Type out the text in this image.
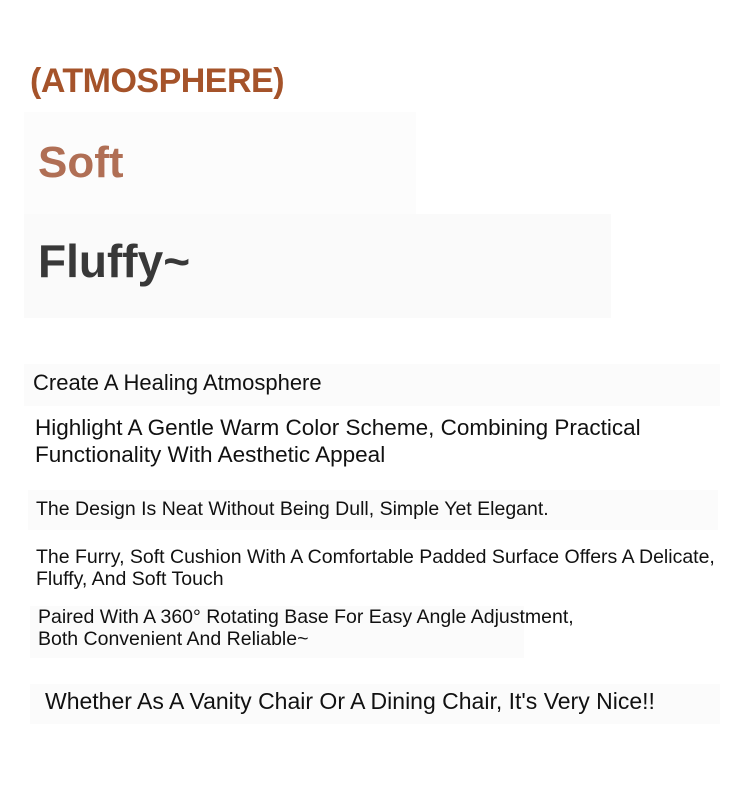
(ATMOSPHERE)
Soft
Fluffy~
Create A Healing Atmosphere
Highlight A Gentle Warm Color Scheme, Combining Practical Functionality With Aesthetic Appeal
The Design Is Neat Without Being Dull, Simple Yet Elegant.
The Furry, Soft Cushion With A Comfortable Padded Surface Offers A Delicate,
Fluffy, And Soft Touch
Paired With A 360° Rotating Base For Easy Angle Adjustment,
Both Convenient And Reliable~
Whether As A Vanity Chair Or A Dining Chair, It's Very Nice!!
